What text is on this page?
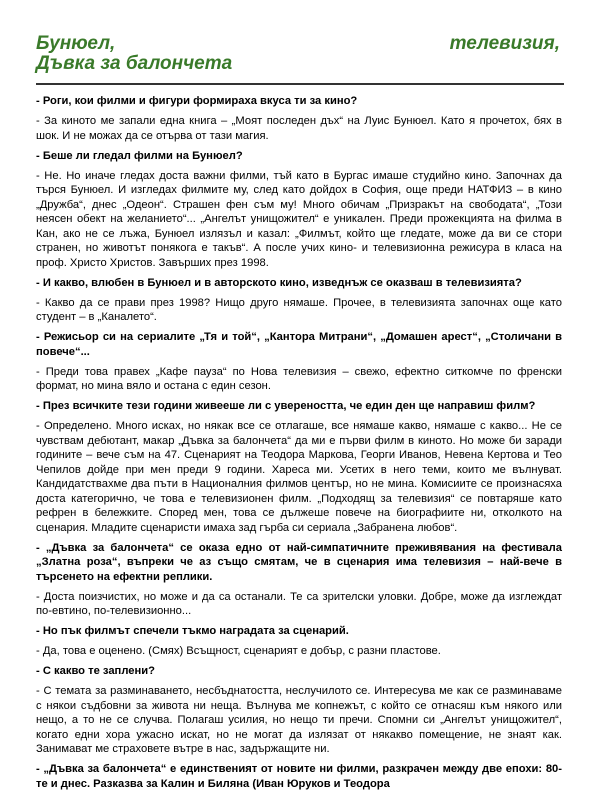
Бунюел,	телевизия,
Дъвка за балончета

- Роги, кои филми и фигури формираха вкуса ти за кино?

- За киното ме запали една книга – „Моят последен дъх“ на Луис Бунюел. Като я прочетох, бях в шок. И не можах да се отърва от тази магия.

- Беше ли гледал филми на Бунюел?

- Не. Но иначе гледах доста важни филми, тъй като в Бургас имаше студийно кино. Започнах да търся Бунюел. И изгледах филмите му, след като дойдох в София, още преди НАТФИЗ – в кино „Дружба“, днес „Одеон“. Страшен фен съм му! Много обичам „Призракът на свободата“, „Този неясен обект на желанието“... „Ангелът унищожител“ е уникален. Преди прожекцията на филма в Кан, ако не се лъжа, Бунюел излязъл и казал: „Филмът, който ще гледате, може да ви се стори странен, но животът понякога е такъв“. А после учих кино- и телевизионна режисура в класа на проф. Христо Христов. Завърших през 1998.

- И какво, влюбен в Бунюел и в авторското кино, изведнъж се оказваш в телевизията?

- Какво да се прави през 1998? Нищо друго нямаше. Прочее, в телевизията започнах още като студент – в „Каналето“.

- Режисьор си на сериалите „Тя и той“, „Кантора Митрани“, „Домашен арест“, „Столичани в повече“...

- Преди това правех „Кафе пауза“ по Нова телевизия – свежо, ефектно ситкомче по френски формат, но мина вяло и остана с един сезон.

- През всичките тези години живееше ли с увереността, че един ден ще направиш филм?

- Определено. Много исках, но някак все се отлагаше, все нямаше какво, нямаше с какво... Не се чувствам дебютант, макар „Дъвка за балончета“ да ми е първи филм в киното. Но може би заради годините – вече съм на 47. Сценарият на Теодора Маркова, Георги Иванов, Невена Кертова и Тео Чепилов дойде при мен преди 9 години. Хареса ми. Усетих в него теми, които ме вълнуват. Кандидатствахме два пъти в Националния филмов център, но не мина. Комисиите се произнасяха доста категорично, че това е телевизионен филм. „Подходящ за телевизия“ се повтаряше като рефрен в бележките. Според мен, това се дължеше повече на биографиите ни, отколкото на сценария. Младите сценаристи имаха зад гърба си сериала „Забранена любов“.

- „Дъвка за балончета“ се оказа едно от най-симпатичните преживявания на фестивала „Златна роза“, въпреки че аз също смятам, че в сценария има телевизия – най-вече в търсенето на ефектни реплики.

- Доста поизчистих, но може и да са останали. Те са зрителски уловки. Добре, може да изглеждат по-евтино, по-телевизионно...

- Но пък филмът спечели тъкмо наградата за сценарий.

- Да, това е оценено. (Смях) Всъщност, сценарият е добър, с разни пластове.

- С какво те заплени?

- С темата за разминаването, несбъднатостта, неслучилото се. Интересува ме как се разминаваме с някои съдбовни за живота ни неща. Вълнува ме копнежът, с който се отнасяш към някого или нещо, а то не се случва. Полагаш усилия, но нещо ти пречи. Спомни си „Ангелът унищожител“, когато едни хора ужасно искат, но не могат да излязат от някакво помещение, не знаят как. Занимават ме страховете вътре в нас, задържащите ни.

- „Дъвка за балончета“ е единственият от новите ни филми, разкрачен между две епохи: 80-те и днес. Разказва за Калин и Биляна (Иван Юруков и Теодора
